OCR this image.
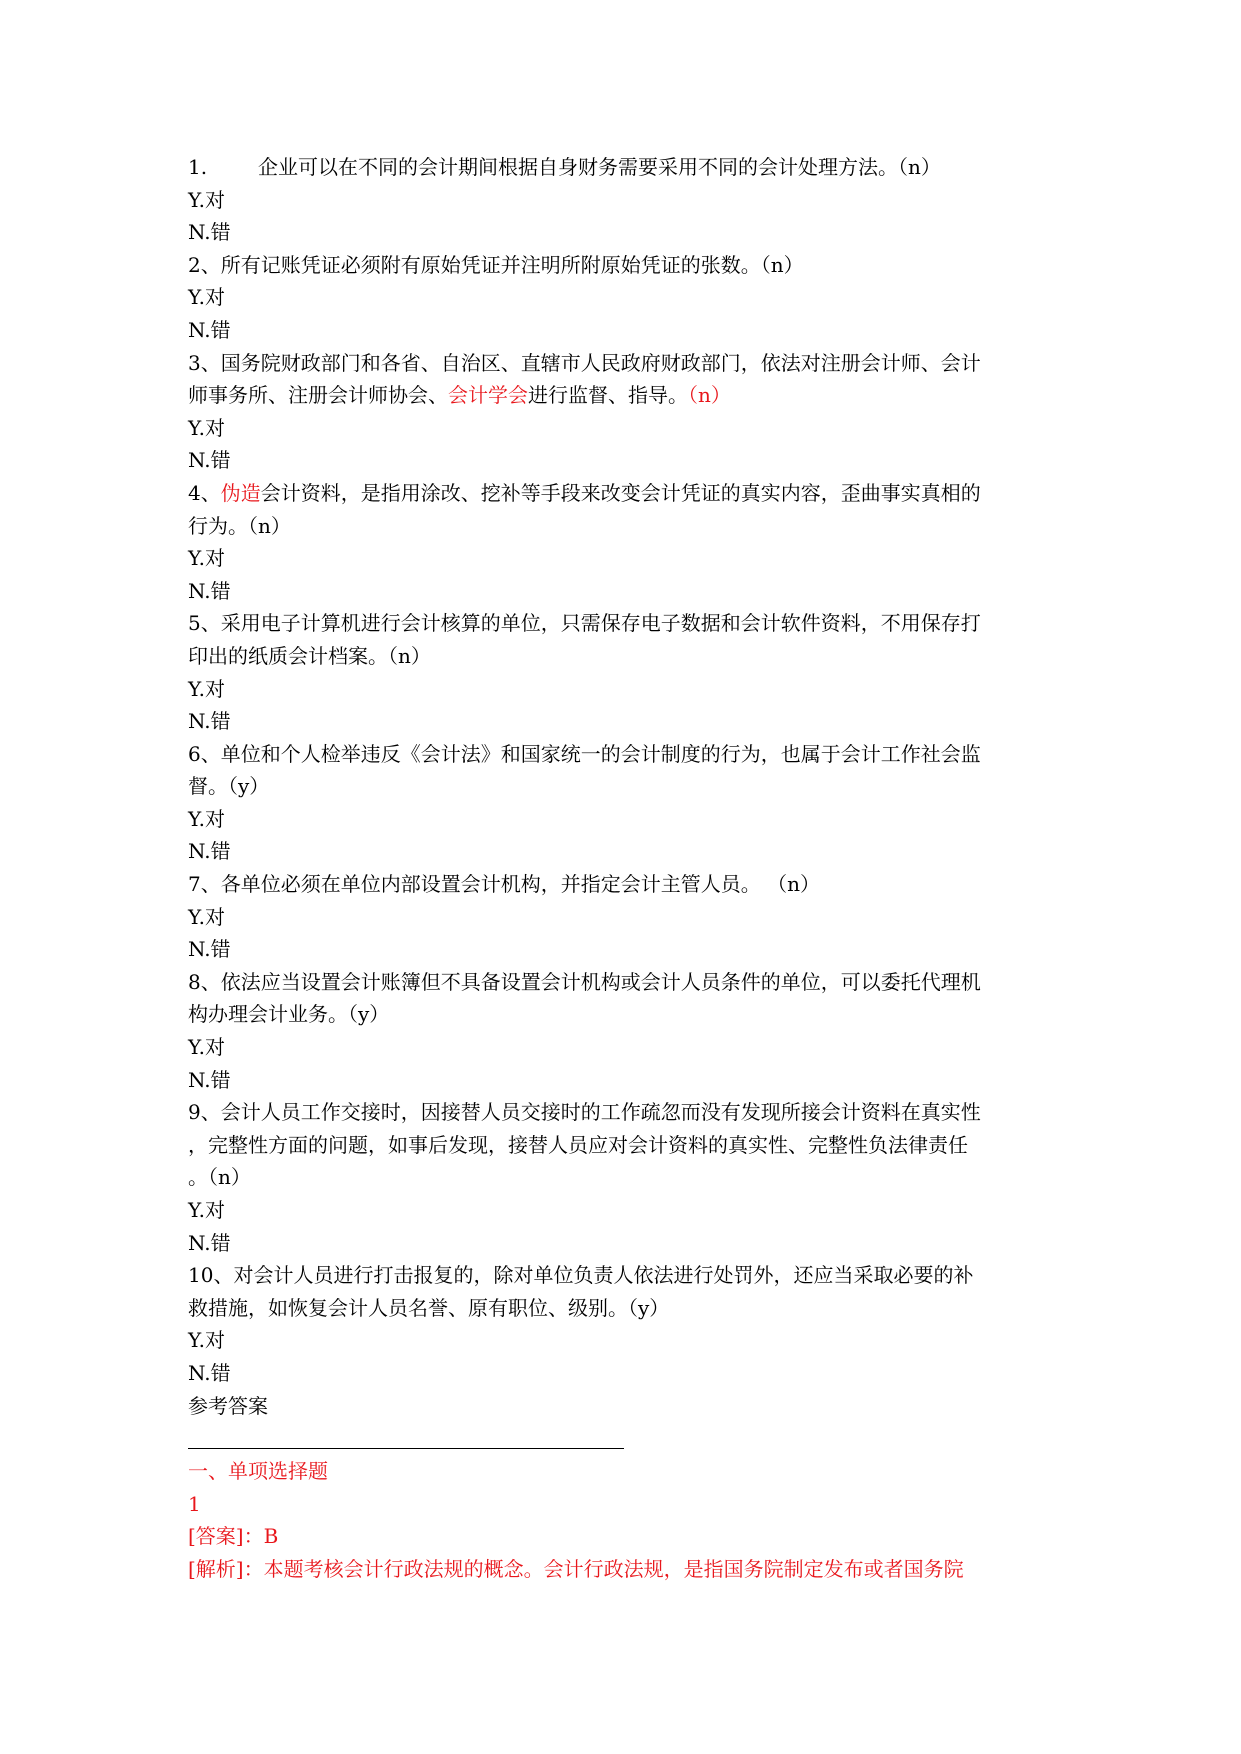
1.        企业可以在不同的会计期间根据自身财务需要采用不同的会计处理方法。（n）
Y.对
N.错
2、所有记账凭证必须附有原始凭证并注明所附原始凭证的张数。（n）
Y.对
N.错
3、国务院财政部门和各省、自治区、直辖市人民政府财政部门，依法对注册会计师、会计
师事务所、注册会计师协会、会计学会进行监督、指导。（n）
Y.对
N.错
4、伪造会计资料，是指用涂改、挖补等手段来改变会计凭证的真实内容，歪曲事实真相的
行为。（n）
Y.对
N.错
5、采用电子计算机进行会计核算的单位，只需保存电子数据和会计软件资料，不用保存打
印出的纸质会计档案。（n）
Y.对
N.错
6、单位和个人检举违反《会计法》和国家统一的会计制度的行为，也属于会计工作社会监
督。（y）
Y.对
N.错
7、各单位必须在单位内部设置会计机构，并指定会计主管人员。 （n）
Y.对
N.错
8、依法应当设置会计账簿但不具备设置会计机构或会计人员条件的单位，可以委托代理机
构办理会计业务。（y）
Y.对
N.错
9、会计人员工作交接时，因接替人员交接时的工作疏忽而没有发现所接会计资料在真实性
，完整性方面的问题，如事后发现，接替人员应对会计资料的真实性、完整性负法律责任
。（n）
Y.对
N.错
10、对会计人员进行打击报复的，除对单位负责人依法进行处罚外，还应当采取必要的补
救措施，如恢复会计人员名誉、原有职位、级别。（y）
Y.对
N.错
参考答案
一、单项选择题
1
[答案]：B
[解析]：本题考核会计行政法规的概念。会计行政法规，是指国务院制定发布或者国务院
